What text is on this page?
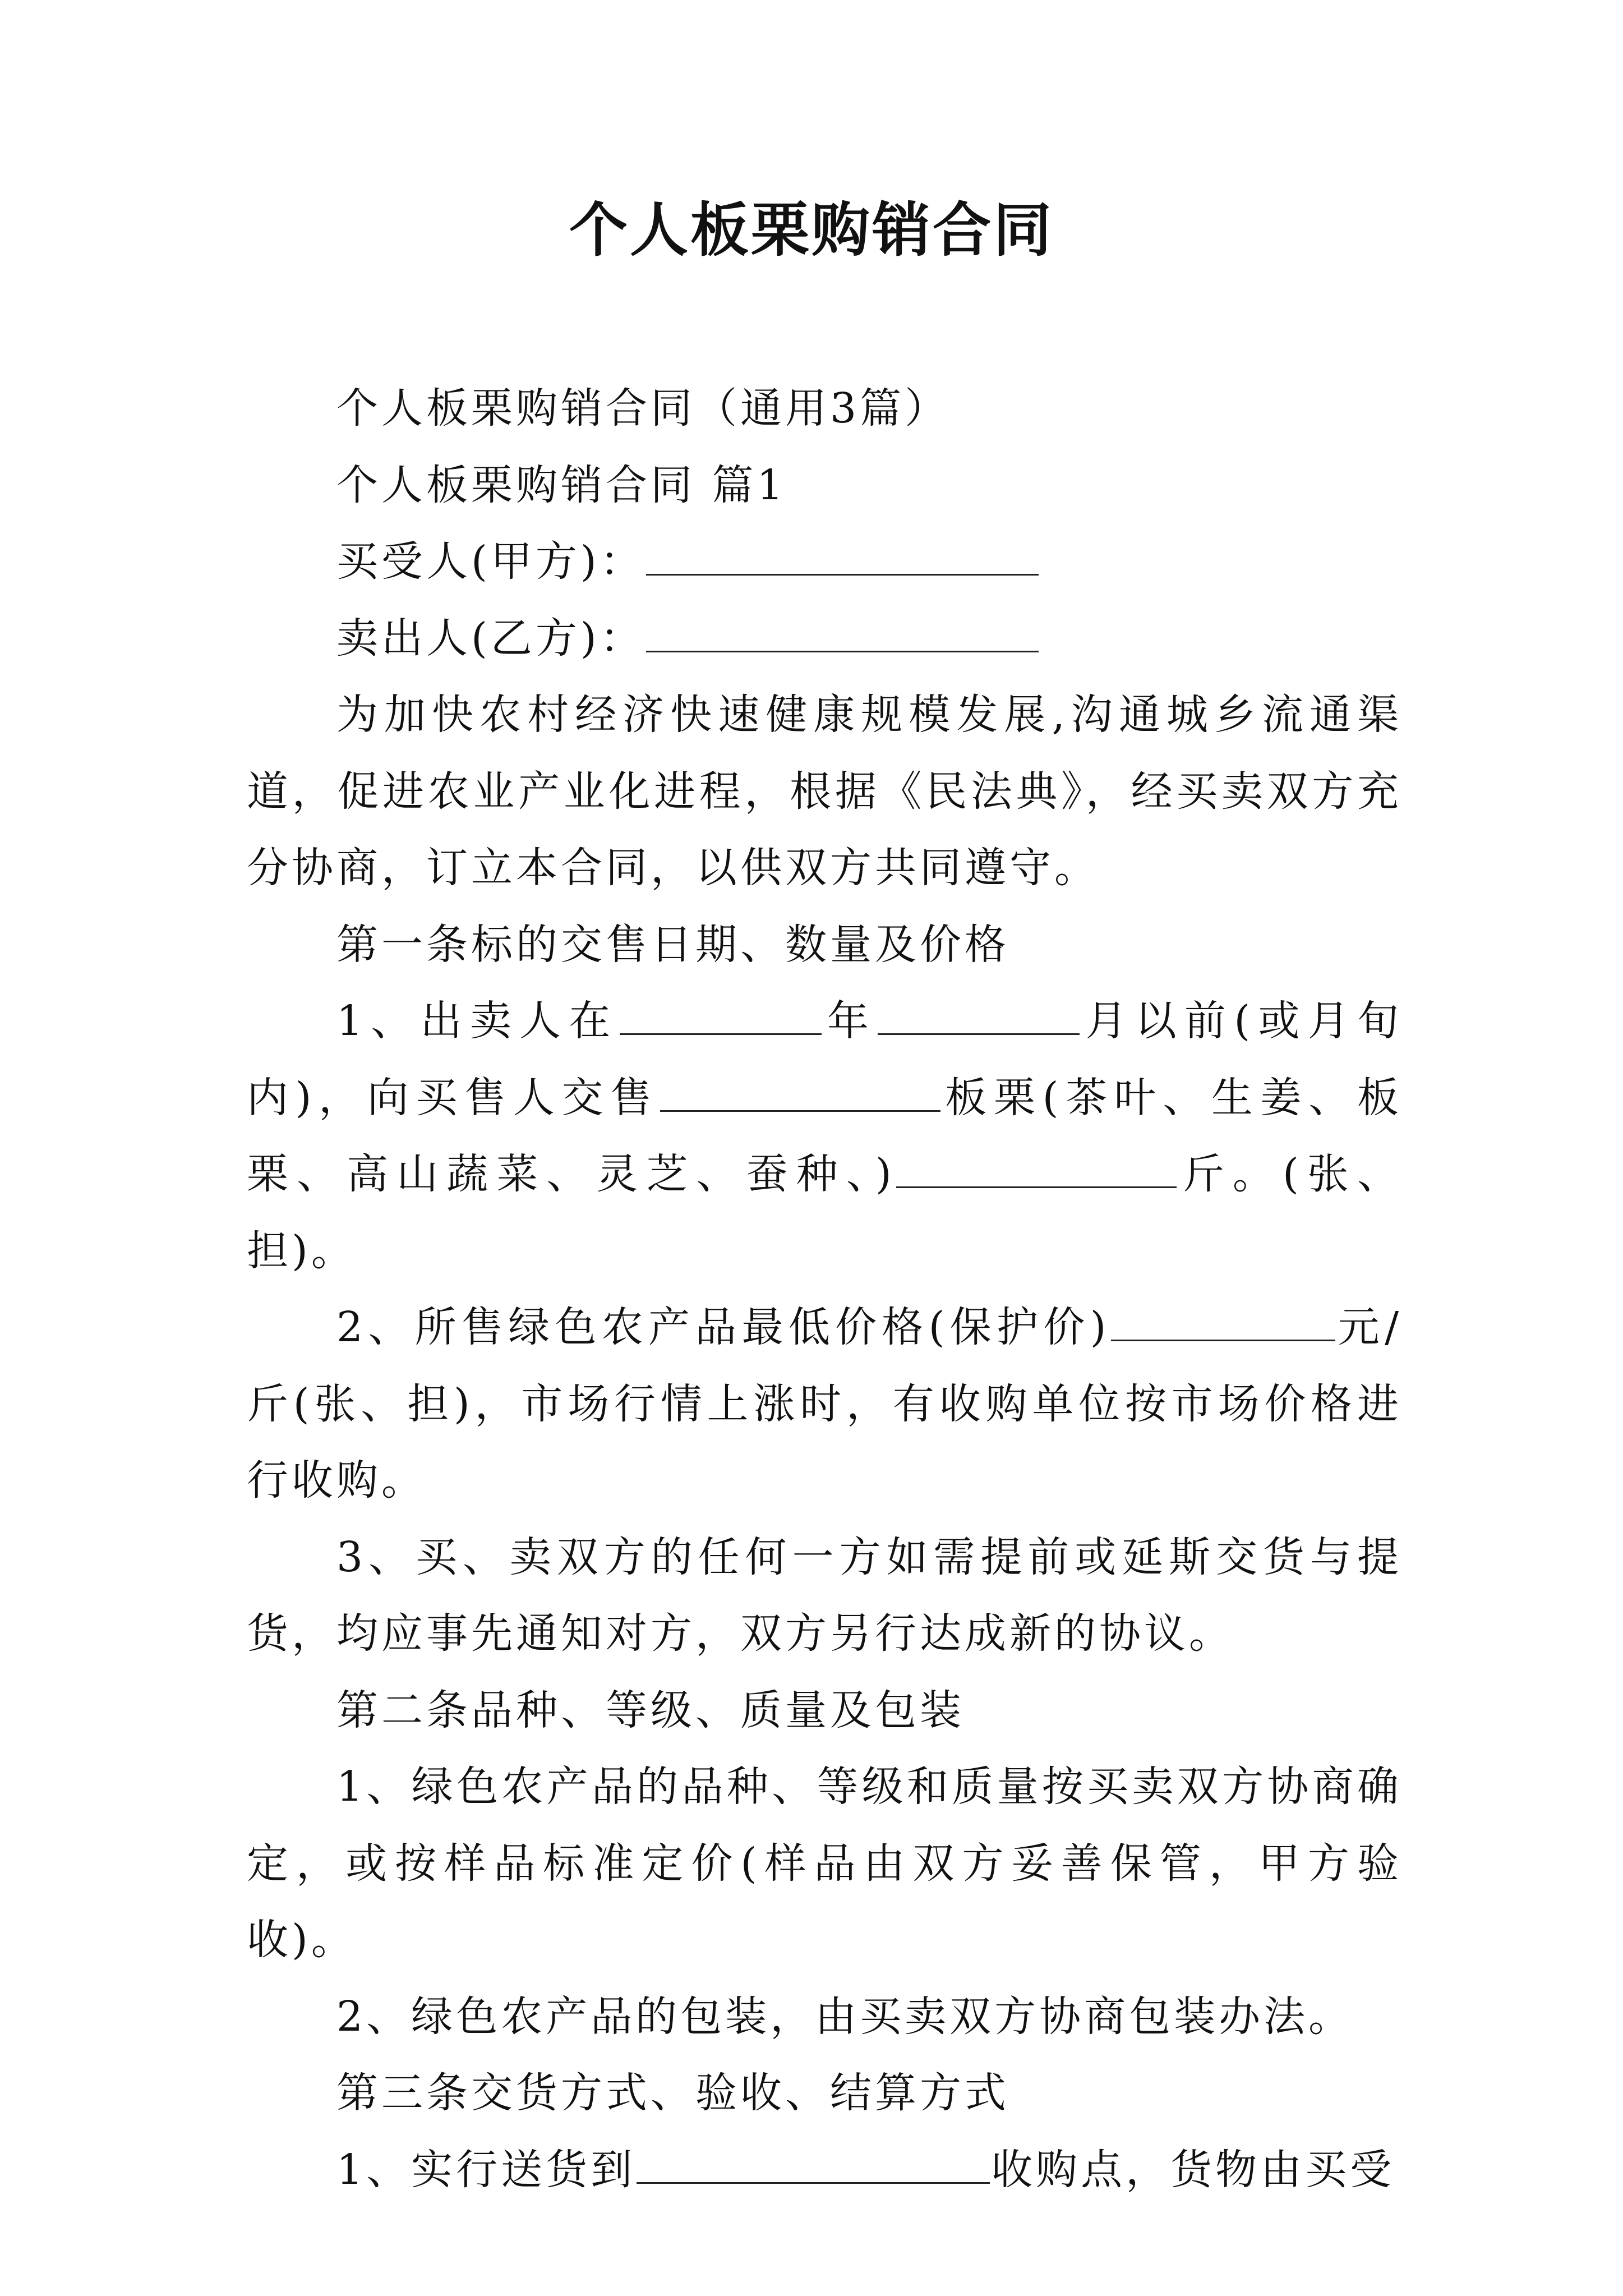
个人板栗购销合同

个人板栗购销合同（通用3篇）

个人板栗购销合同 篇1

买受人(甲方)：

卖出人(乙方)：

为加快农村经济快速健康规模发展,沟通城乡流通渠道，促进农业产业化进程，根据《民法典》，经买卖双方充分协商，订立本合同，以供双方共同遵守。

第一条标的交售日期、数量及价格

1、出卖人在	年	月以前(或月旬内)，向买售人交售	板栗(茶叶、生姜、板栗、高山蔬菜、灵芝、蚕种、)	斤。(张、担)。

2、所售绿色农产品最低价格(保护价)	元/斤(张、担)，市场行情上涨时，有收购单位按市场价格进行收购。

3、买、卖双方的任何一方如需提前或延斯交货与提货，均应事先通知对方，双方另行达成新的协议。

第二条品种、等级、质量及包装

1、绿色农产品的品种、等级和质量按买卖双方协商确定，或按样品标准定价(样品由双方妥善保管，甲方验收)。

2、绿色农产品的包装，由买卖双方协商包装办法。

第三条交货方式、验收、结算方式

1、实行送货到	收购点，货物由买受
